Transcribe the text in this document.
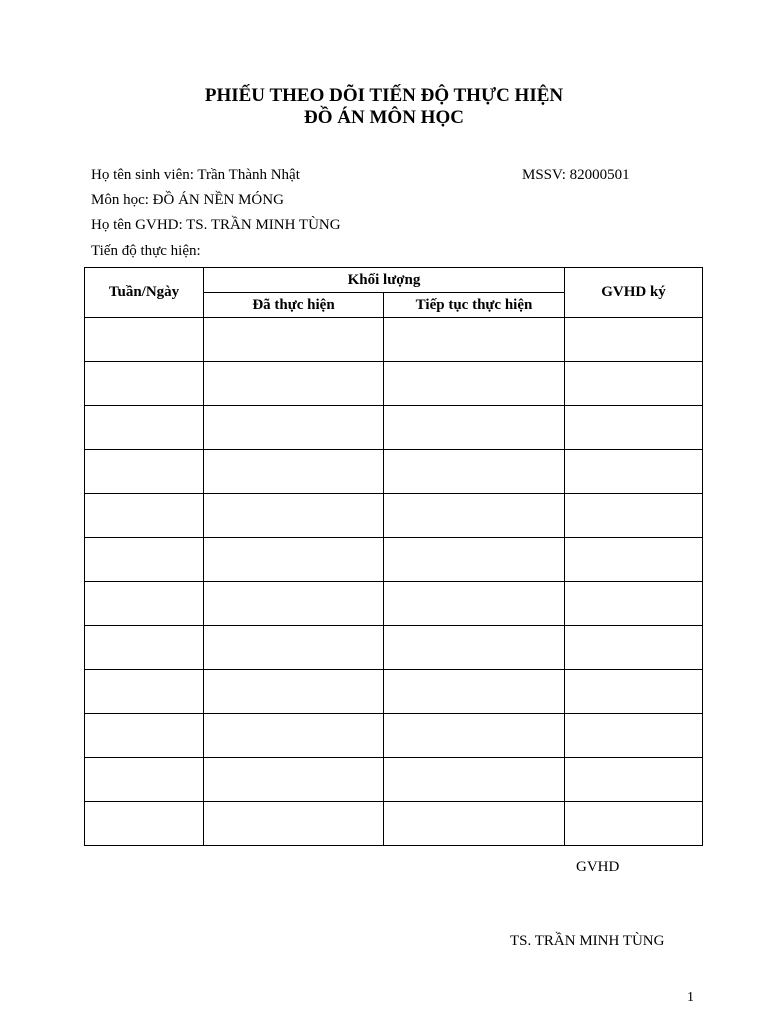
PHIẾU THEO DÕI TIẾN ĐỘ THỰC HIỆN
ĐỒ ÁN MÔN HỌC
Họ tên sinh viên: Trần Thành Nhật	MSSV: 82000501
Môn học: ĐỒ ÁN NỀN MÓNG
Họ tên GVHD: TS. TRẦN MINH TÙNG
Tiến độ thực hiện:
Tuần/Ngày	Khối lượng		GVHD ký
	Đã thực hiện	Tiếp tục thực hiện	

GVHD
TS. TRẦN MINH TÙNG
1
